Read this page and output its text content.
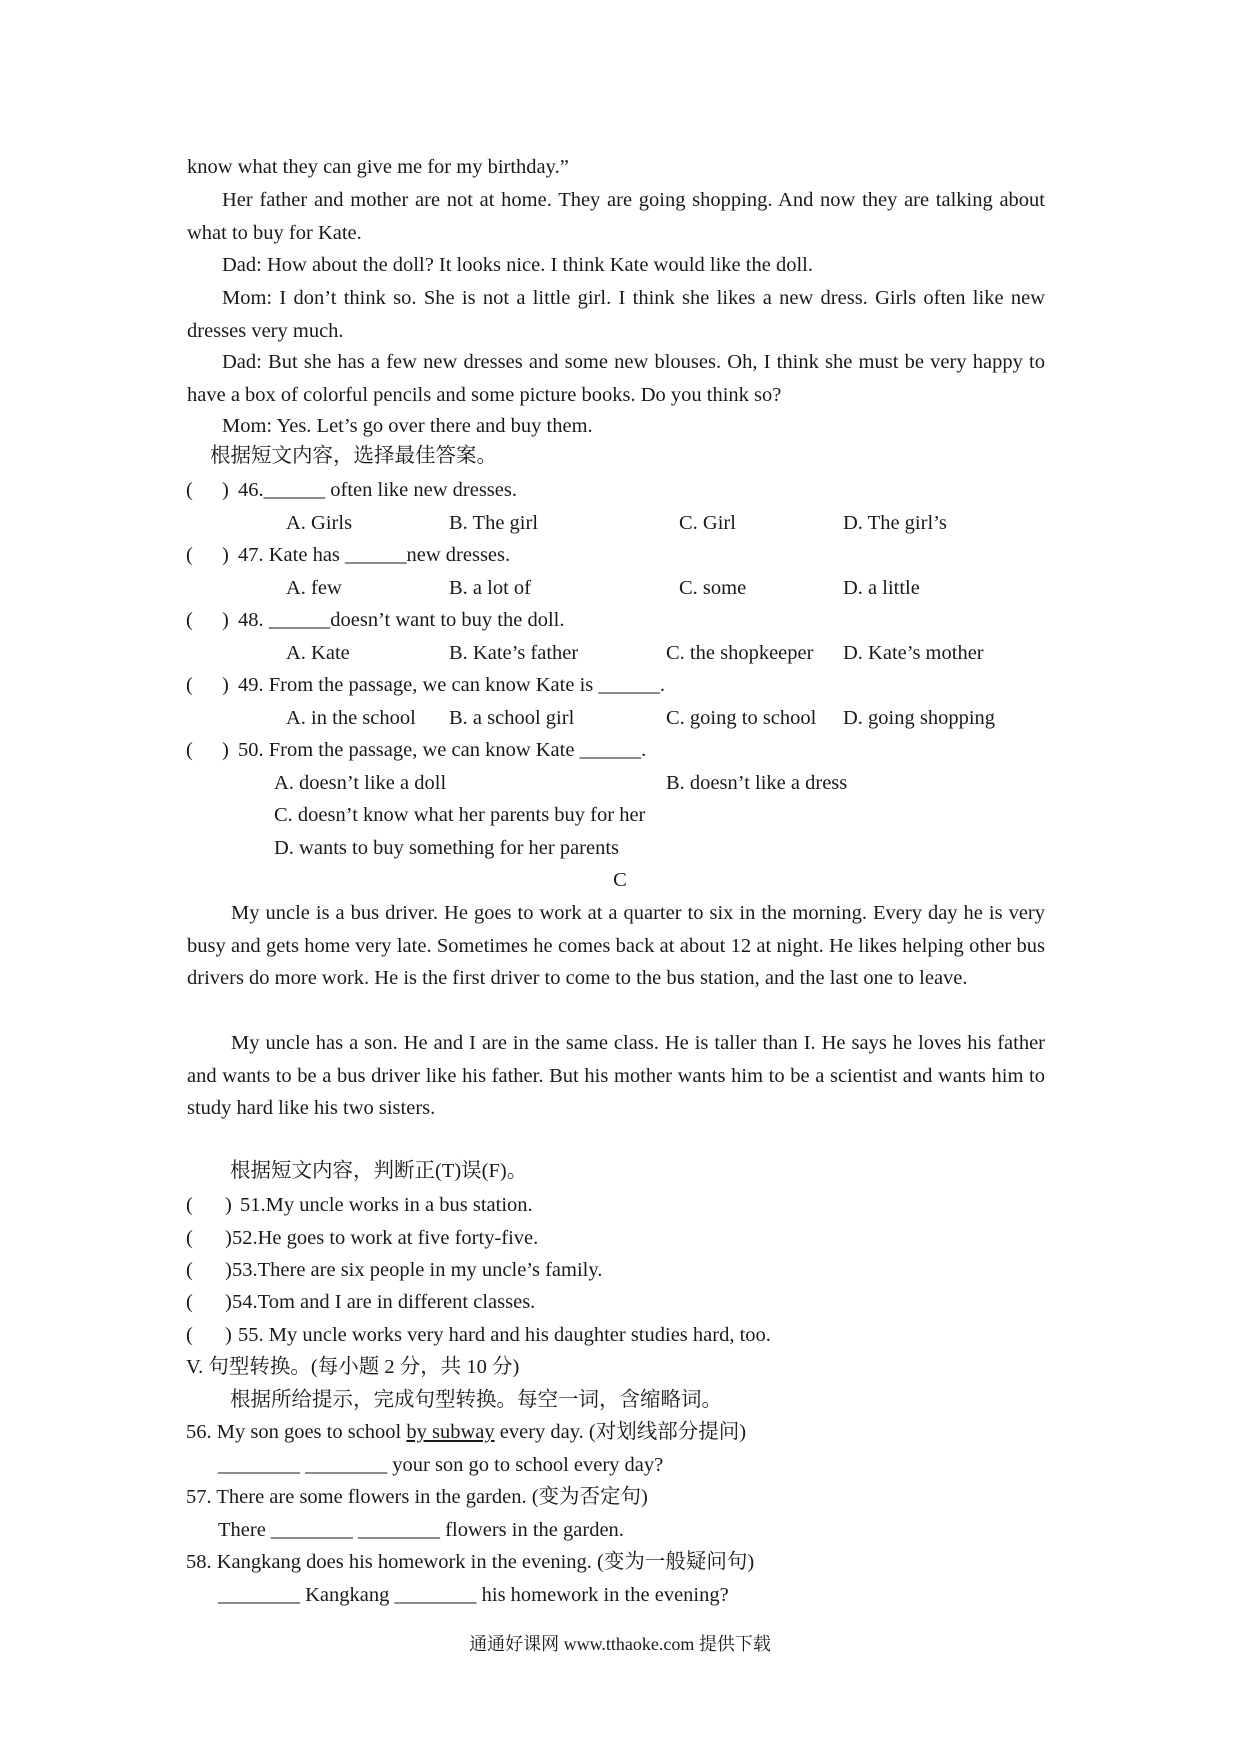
know what they can give me for my birthday.”
Her father and mother are not at home. They are going shopping. And now they are talking about what to buy for Kate.
Dad: How about the doll? It looks nice. I think Kate would like the doll.
Mom: I don’t think so. She is not a little girl. I think she likes a new dress. Girls often like new dresses very much.
Dad: But she has a few new dresses and some new blouses. Oh, I think she must be very happy to have a box of colorful pencils and some picture books. Do you think so?
Mom: Yes. Let’s go over there and buy them.
根据短文内容，选择最佳答案。
( ) 46.______ often like new dresses.
A. Girls	B. The girl	C. Girl	D. The girl’s
( ) 47. Kate has ______new dresses.
A. few	B. a lot of	C. some	D. a little
( ) 48. ______doesn’t want to buy the doll.
A. Kate	B. Kate’s father	C. the shopkeeper D. Kate’s mother
( ) 49. From the passage, we can know Kate is ______.
A. in the school B. a school girl	C. going to school D. going shopping
( ) 50. From the passage, we can know Kate ______.
A. doesn’t like a doll	B. doesn’t like a dress
C. doesn’t know what her parents buy for her
D. wants to buy something for her parents
C
My uncle is a bus driver. He goes to work at a quarter to six in the morning. Every day he is very busy and gets home very late. Sometimes he comes back at about 12 at night. He likes helping other bus drivers do more work. He is the first driver to come to the bus station, and the last one to leave.
My uncle has a son. He and I are in the same class. He is taller than I. He says he loves his father and wants to be a bus driver like his father. But his mother wants him to be a scientist and wants him to study hard like his two sisters.
根据短文内容，判断正(T)误(F)。
( ) 51.My uncle works in a bus station.
( ) 52.He goes to work at five forty-five.
( ) 53.There are six people in my uncle’s family.
( ) 54.Tom and I are in different classes.
( ) 55. My uncle works very hard and his daughter studies hard, too.
V. 句型转换。(每小题 2 分，共 10 分)
根据所给提示，完成句型转换。每空一词，含缩略词。
56. My son goes to school by subway every day. (对划线部分提问)
________ ________ your son go to school every day?
57. There are some flowers in the garden. (变为否定句)
There ________ ________ flowers in the garden.
58. Kangkang does his homework in the evening. (变为一般疑问句)
________ Kangkang ________ his homework in the evening?
通通好课网 www.tthaoke.com 提供下载
